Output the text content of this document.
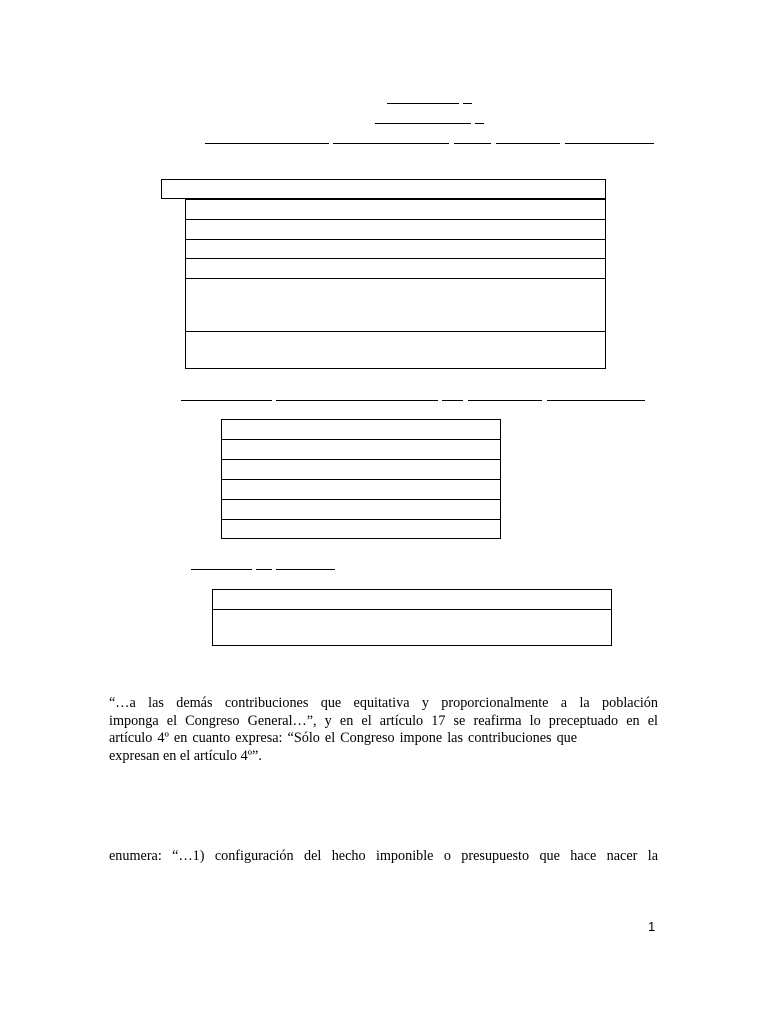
“…a las demás contribuciones que equitativa y proporcionalmente a la población
imponga el Congreso General…”, y en el artículo 17 se reafirma lo preceptuado en el
artículo 4º en cuanto expresa: “Sólo el Congreso impone las contribuciones que
expresan en el artículo 4º”.
enumera: “…1) configuración del hecho imponible o presupuesto que hace nacer la
1
